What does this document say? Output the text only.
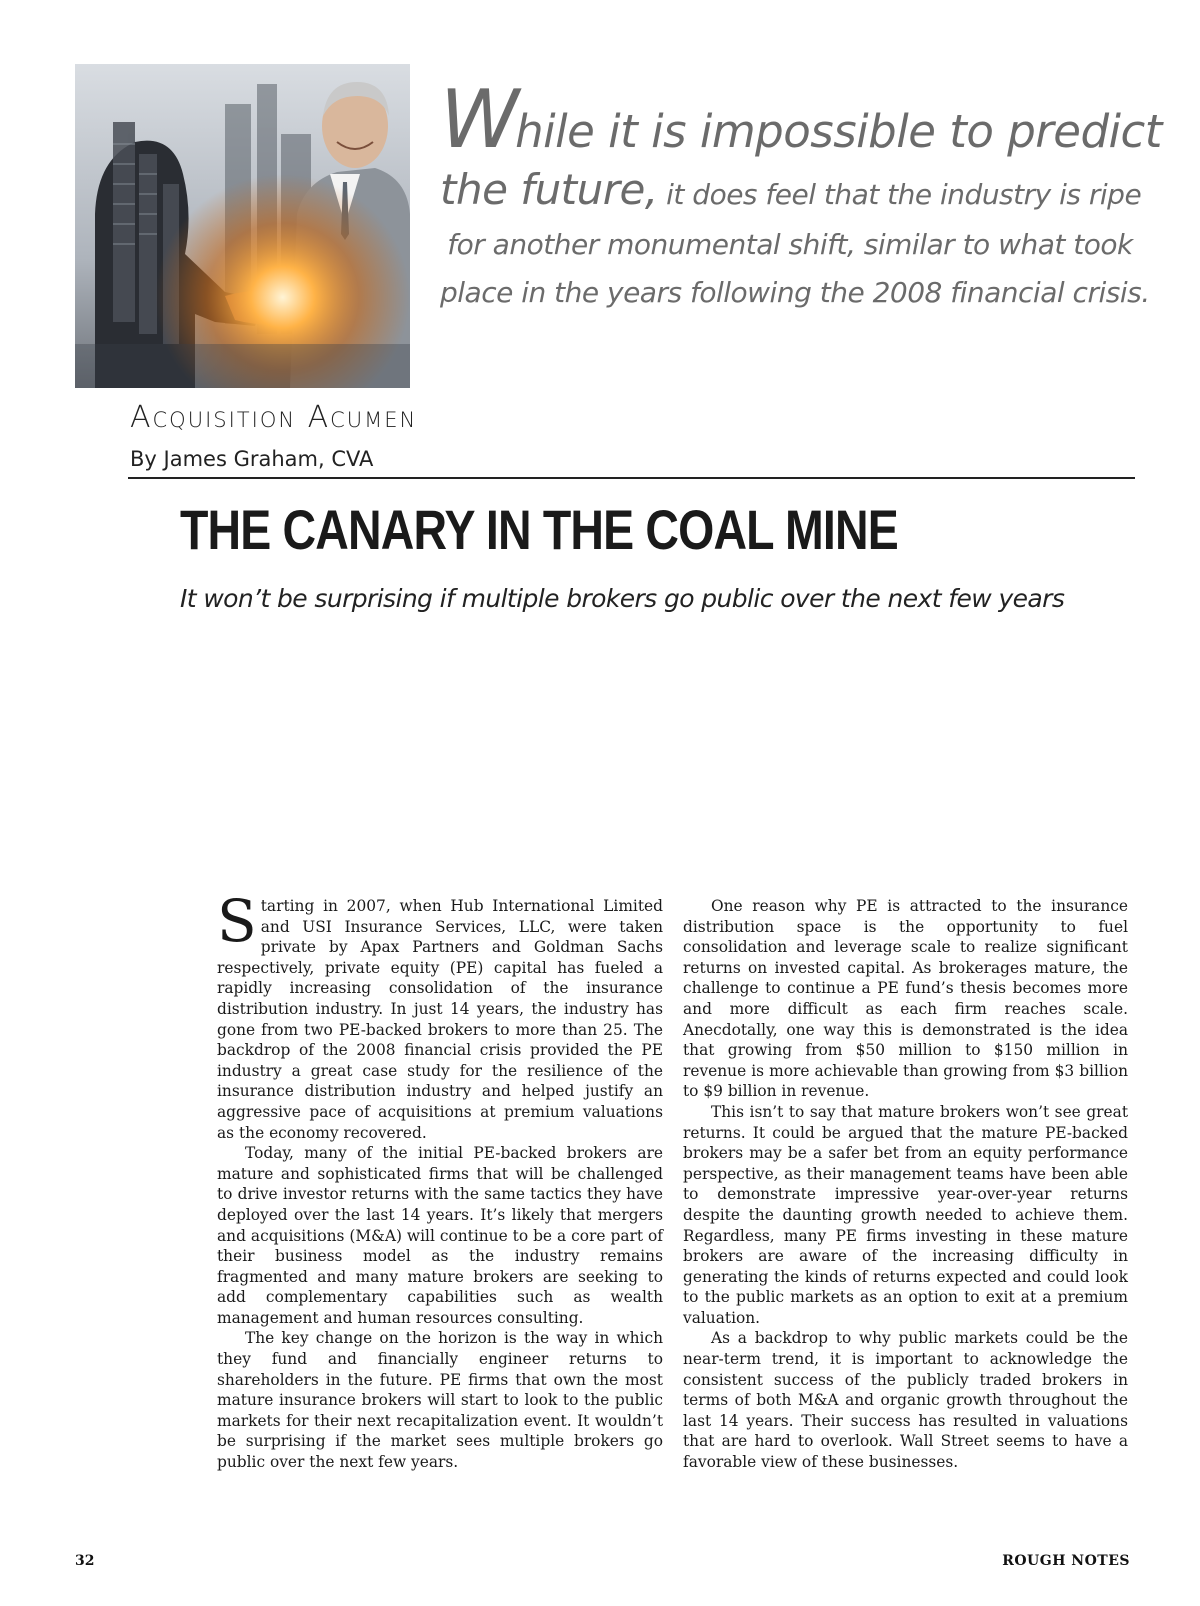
While it is impossible to predict
the future, it does feel that the industry is ripe
for another monumental shift, similar to what took
place in the years following the 2008 financial crisis.
Acquisition Acumen
By James Graham, CVA
THE CANARY IN THE COAL MINE
It won’t be surprising if multiple brokers go public over the next few years

Starting in 2007, when Hub International Limited and USI Insurance Services, LLC, were taken private by Apax Partners and Goldman Sachs respectively, private equity (PE) capital has fueled a rapidly increasing consolidation of the insurance distribution industry. In just 14 years, the industry has gone from two PE-backed brokers to more than 25. The backdrop of the 2008 financial crisis provided the PE industry a great case study for the resilience of the insurance distribution industry and helped justify an aggressive pace of acquisitions at premium valuations as the economy recovered.

Today, many of the initial PE-backed brokers are mature and sophisticated firms that will be challenged to drive investor returns with the same tactics they have deployed over the last 14 years. It’s likely that mergers and acquisitions (M&A) will continue to be a core part of their business model as the industry remains fragmented and many mature brokers are seeking to add complementary capabilities such as wealth management and human resources consulting.

The key change on the horizon is the way in which they fund and financially engineer returns to shareholders in the future. PE firms that own the most mature insurance brokers will start to look to the public markets for their next recapitalization event. It wouldn’t be surprising if the market sees multiple brokers go public over the next few years.

One reason why PE is attracted to the insurance distribution space is the opportunity to fuel consolidation and leverage scale to realize significant returns on invested capital. As brokerages mature, the challenge to continue a PE fund’s thesis becomes more and more difficult as each firm reaches scale. Anecdotally, one way this is demonstrated is the idea that growing from $50 million to $150 million in revenue is more achievable than growing from $3 billion to $9 billion in revenue.

This isn’t to say that mature brokers won’t see great returns. It could be argued that the mature PE-backed brokers may be a safer bet from an equity performance perspective, as their management teams have been able to demonstrate impressive year-over-year returns despite the daunting growth needed to achieve them. Regardless, many PE firms investing in these mature brokers are aware of the increasing difficulty in generating the kinds of returns expected and could look to the public markets as an option to exit at a premium valuation.

As a backdrop to why public markets could be the near-term trend, it is important to acknowledge the consistent success of the publicly traded brokers in terms of both M&A and organic growth throughout the last 14 years. Their success has resulted in valuations that are hard to overlook. Wall Street seems to have a favorable view of these businesses.

32	ROUGH NOTES
